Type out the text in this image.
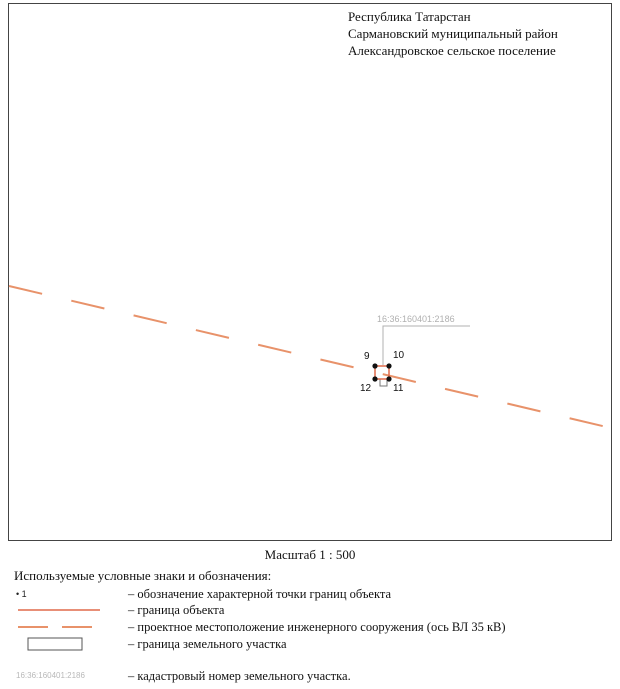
16:36:160401:2186
9 10
11
12
Республика Татарстан
Сармановский муниципальный район
Александровское сельское поселение
Масштаб 1 : 500
Используемые условные знаки и обозначения:
• 1	– обозначение характерной точки границ объекта
– граница объекта
– проектное местоположение инженерного сооружения (ось ВЛ 35 кВ)
– граница земельного участка
16:36:160401:2186	– кадастровый номер земельного участка.
